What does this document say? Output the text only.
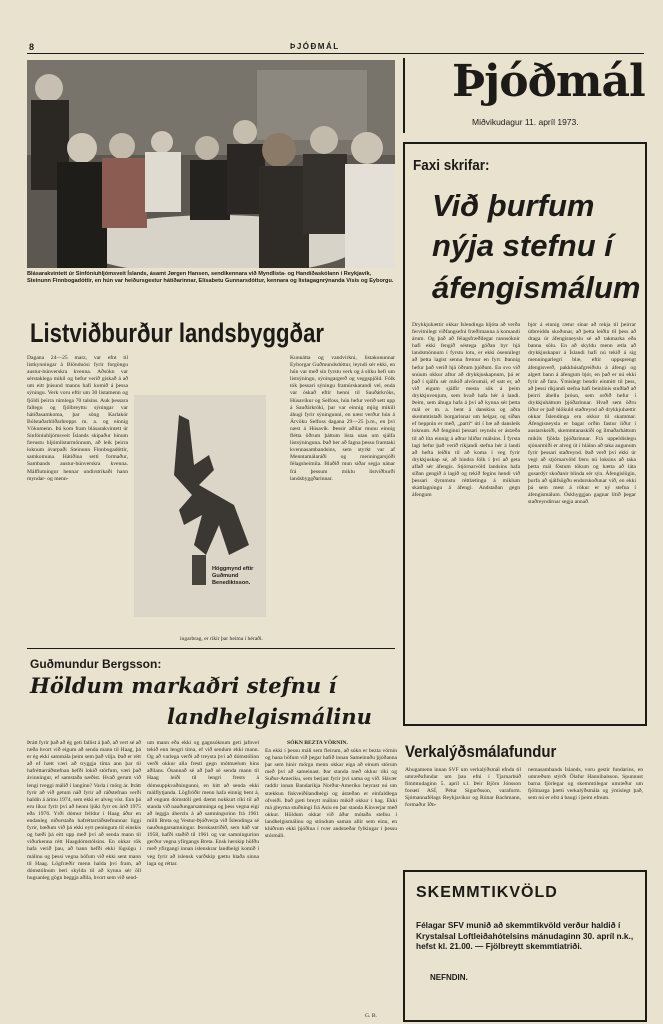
8	ÞJÓÐMÁL
Blásarakvintett úr Sinfóníuhljómsveit Íslands, ásamt Jørgen Hansen, sendikennara við Myndlista- og Handíðaskólann í Reykjavík, Steinunn Finnbogadóttir, en hún var heiðursgestur hátíðarinnar, Elísabetu Gunnarsdóttur, kennara og listagagnrýnanda Vísis og Eyborgu.
Listviðburður landsbyggðar
Dagana 24—25 marz, var efnt til listkynningar á Blönduósi fyrir forgöngu austur-húnverskra kvenna. Aðsókn var sérstaklega mikil og hefur verið giskað á að um eitt þúsund manns hafi komið á þessa sýningu. Verk voru eftir um 30 listamenn og fjöldi þeirra rúmlega 70 talsins. Auk þessara fallegu og fjölbreyttu sýningar var hátíðasamkoma, þar söng Karlakór Bólstaðarhlíðarhrepps m. a. og einnig Vökumenn. Þá kom fram blásarakvintett úr Sinfóníuhljómsveit Íslands skipaður hinum færustu hljómlistarmönnum, að leik þeirra loknum ávarpaði Steinunn Finnbogadóttir, samkomuna. Hátíðina setti formaður, Sambands austur-húnverskra kvenna. Málflutningur hennar undirstrikaði hann myndar- og menn-
Höggmynd eftir Guðmund Benediktsson.
ingarbrag, er ríkir þar heima í héraði.
Kunnátta og vandvirkni, listakonunnar Eyborgar Guðmundsdóttur, leyndi sér ekki, en hún var með sín fyrstu verk og á slíku hefi um listsýningu, sýningargerð og veggspjöld. Fólk tók þessari sýningu framúrskarandi vel, enda var óskað eftir henni til Sauðárkróks, Húsavíkur og Selfoss, hún hefur verið sett upp á Sauðárkróki, þar var einnig mjög mikill áhugi fyrir sýningunni, en næst verður hún á Árvöku Selfoss dagana 29—25 þ.m., en þvi næst á Húsavík. Þessir aðilar munu einnig flétta öðrum þáttum lista utan um sjálfa listsýninguna. Það ber að fagna þessu framtaki kvennasambandsins, sem styrkt var af Menntamálaráði og menningarsjóði félagsheimila. Blaðið mun síðar segja nánar frá þessum miklu listviðburði landsbyggðarinnar.
Guðmundur Bergsson:
Höldum markaðri stefnu í
landhelgismálinu
Þrátt fyrir það að ég geti fallist á það, að vert sé að ræða hvort við eigum að senda mann til Haag, þá er ég ekki sammála þeim sem það vilja. Það er rétt að ef hætt væri að tryggja tíma ann þar til hafréttarráðstefnan hefði lokið störfum, væri það ávinningur, ef samstaða næðist. Hvað gerum við lengi tveggi málið í langinn? Varla í mörg ár. Þrátt fyrir að við getum náð fyrir að ráðstefnan verði haldin á árinu 1974, sem ekki er alveg víst. Enn þá eru líkur fyrir því að henni ljúki fyrr en árið 1975 eða 1976. Yrði dómur felldur í Haag áður en endanleg niðurstaða hafréttarráðstefnunnar liggi fyrir, bæðum við þá ekki eytt peningum til einskis og bæði þá eitt upp með því að senda mann til viðurkenna rétt Haagdómstólsins. En okkar rök hafa verið þau, að hann hefði ekki lögsögu í málinu og þessi vegna höfum við ekki sent mann til Haag. Lögfræðir menn halda því fram, að dómstólnum beri skylda til að kynna sér öll hugsanleg gögn beggja aðila, hvort sem við send-
um mann eða ekki og gagnsóknum geti jafnvel tekið enn lengri tíma, ef við sendum ekki mann. Og að varlega verði að treysta því að dómstólinn verði okkur alla fresti gegn mótmælum hins aðilans. Ósannað sé að það sé senda mann til Haag leiði til lengri frests á dómsuppkvaðningunni, en hitt að senda ekki málflytjanda. Lögfróðir menn hafa einnig bent á, að engum dómstóli geti dæmt nokkurt ríki til að standa við nauðungarsamninga og þess vegna eigi að leggja áherzlu á að samningurinn frá 1961 milli Breta og Vestur-Þjóðverja við Íslendinga sé nauðungarsamningur. Þorskastríðið, sem háð var 1958, hafði staðið til 1961 og var samningurinn gerður vegna yfirgangs Breta. Ensk herskip höfðu með yfirgangi innan íslenskrar landhelgi komið í veg fyrir að íslensk varðskip gættu hlaða sinna laga og réttar.
SÓKN BEZTA VÖRNIN.
En ekki í þessu máli sem fleirum, að sókn er bezta vörnin og hana höfum við þegar hafið innan Sameinuðu þjóðanna þar sem hinir mörgu menn okkar eiga að einum störum með því að sameinast. Þar standa með okkur ríki og Suður-Ameríku, sem berjast fyrir því sama og við. Hávær raddir innan Bandaríkja Norður-Ameríku heyrast nú um stækkun fiskveiðilandhelgi og ástæðan er einfaldlega ofveiði. Það gæti breytt málinu mikið okkur í hag. Ekki má gleyma stuðningi frá Asíu en þar standa Kínverjar með okkur. Höldum okkar við áður mótaða stefnu í landhelgismálinu og stöndum saman allir sem einn, en klúðrum ekki þjóðina í tvær andstæðar fylkingar í þessu stórmáli.
G. B.
Þjóðmál
Miðvikudagur 11. apríl 1973.
Faxi skrifar:
Við þurfum
nýja stefnu í
áfengismálum
Drykkjuhættir okkar Íslendinga hljóta að verða fervitnilegt viðfangsefni fræðimanna á komandi árum. Og það að félagsfræðilegar rannsóknir hafi ekki fengið séstega góðan byr hjá landsmönnum í fyrstu lotu, er ekki ósennilegt að þetta lagist senna fremur en fyrr. Þannig hefur það verið hjá öðrum þjóðum. En svo við snúum okkur aftur að drykkjuskapnum, þá er það í sjálfu sér mikið alvörumál, ef satt er, að við eigum sjálfir mesta sök á þeim drykkjuvenjum, sem hvað hafa hér á landi. Þeim, sem áhuga hafa á því að kynna sér þetta mál er m. a. bent á danskiss og aðra skemmtistaði borgarinnar um helgar, og síðan ef heppnin er með, „partí“ úti í bæ að dansleik loknum. Að fenginni þessari reynslu er ástæða til að líta einnig á aðrar hliðar málsins. Í fyrsta lagi hefur það verið ríkjandi stefna hér á landi að hefta leiðin til að koma í veg fyrir drykkjuskap sé, að bindra fólk í því að geta aflað sér áfengis. Stjórnarvöld landsins hafa síðan gengið á lagið og tekið fegins hendi við þessari dymmstu réttlætingu á miklum skattlagningu á áfengi. Andstaðan gegn áfengum
bjór á einnig rætur sínar að rekja til þeirrar útbreiddu skoðunar, að þetta leiðin til þess að draga úr áfengisneyslu sé að takmarka eða banna sölu. En að skyldu menn ætla að drykkjuskapur á Íslandi hafi nú tekið á sig menningarlegri blæ, eftir uppsprengt áfengisverð, pakkhúsafgreiðslu á áfengi og algert bann á áfengum bjór, en það er nú ekki fyrir að fara. Ýmislegt bendir einmitt til þess, að þessi ríkjandi stefna hafi beinlínis stuðlað að þeirri áhellu þróun, sem orðið hefur í drykkjuháttum þjóðarinnar. Hvað sem öðru líður er það hlökuld staðreynd að drykkjuhættir okkar Íslendinga eru okkur til skammar. Áfengisneysla er bagar orðin fastur liður í austarskeiði, skemmtanaskiði og ílmaðarháttum mikils fjölda þjóðarinnar. Frá uppeldislegu sjónarmiði er alveg út í hláinn að taka augunum fyrir þessari staðreynd. Það verð því ekki úr vegi að stjórnarvöld færu nú loksins að taka þetta mál föstum tökum og hætta að láta gusardýr skoðanir blinda sér sýn. Áfengislögin, þurfa að sjálfsögðu endurskoðunar við, en ekki þá sem mest á rökur er ný stefna í áfengismálum. Óskhyggjan gagnar lítið þegar staðreyndirnar segja annað.
Verkalýðsmálafundur
Áhugamenn innan SVF um verkalýðsmál efndu til umræðufundar um þau efni í Tjarnarbúð fimmtudaginn 5. apríl s.l. Þeir Björn Jónsson forseti ASÍ, Pétur Sigurðsson, varaform. Sjómannafélags Reykjavíkur og Rúnar Bachmann, formaður Iðn-
nemasambands Íslands, voru gestir fundarins, en umræðum stýrði Ólafur Hannibalsson. Spunnust barna fjörlegar og skemmtilegar umræður um fjölmarga þætti verkalýðsmála og ýmislegt það, sem nú er efst á baugi í þeim efnum.
SKEMMTIKVÖLD
Félagar SFV munið að skemmtikvöld verður haldið í Krystalsal Loftleiðahótelsins mánudaginn 30. apríl n.k., hefst kl. 21.00. — Fjölbreytt skemmtiatriði.
NEFNDIN.
